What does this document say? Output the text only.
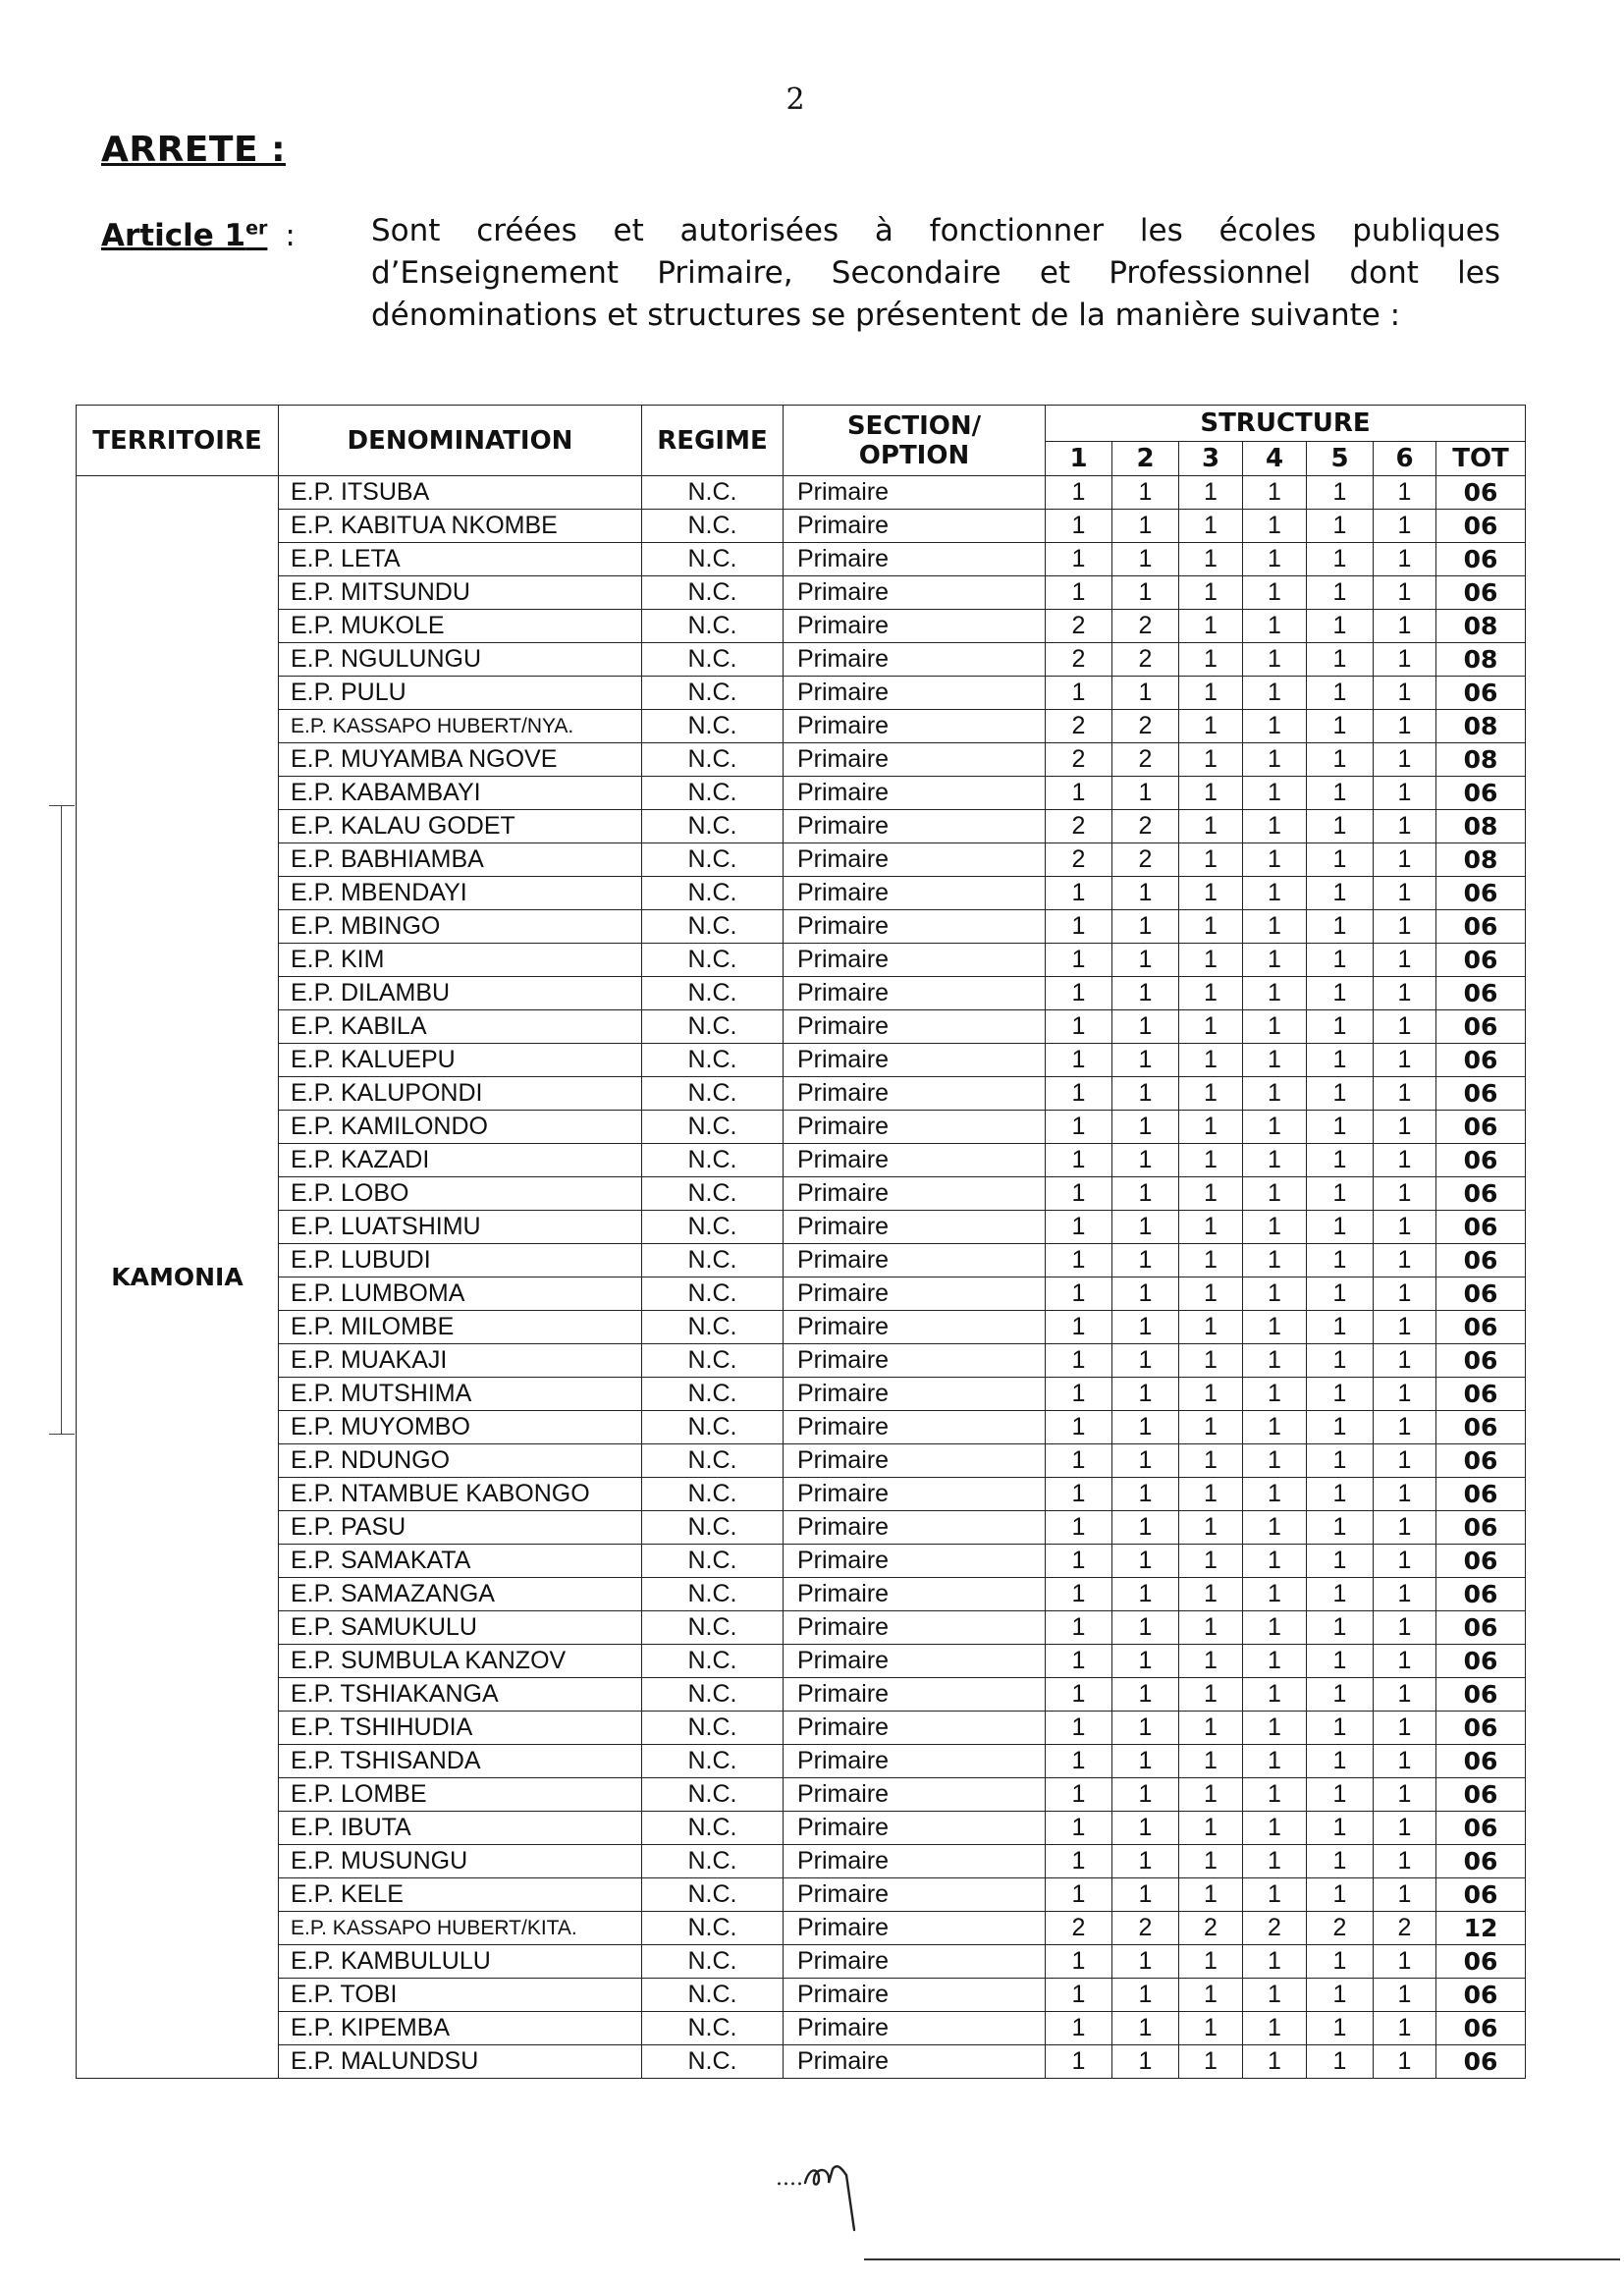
2
ARRETE :
Article 1er : Sont créées et autorisées à fonctionner les écoles publiques d’Enseignement Primaire, Secondaire et Professionnel dont les dénominations et structures se présentent de la manière suivante :
TERRITOIRE	DENOMINATION	REGIME	SECTION/
OPTION	STRUCTURE						
				1	2	3	4	5	6	TOT
KAMONIA	E.P. ITSUBA	N.C.	Primaire	1	1	1	1	1	1	06
	E.P. KABITUA NKOMBE	N.C.	Primaire	1	1	1	1	1	1	06
	E.P. LETA	N.C.	Primaire	1	1	1	1	1	1	06
	E.P. MITSUNDU	N.C.	Primaire	1	1	1	1	1	1	06
	E.P. MUKOLE	N.C.	Primaire	2	2	1	1	1	1	08
	E.P. NGULUNGU	N.C.	Primaire	2	2	1	1	1	1	08
	E.P. PULU	N.C.	Primaire	1	1	1	1	1	1	06
	E.P. KASSAPO HUBERT/NYA.	N.C.	Primaire	2	2	1	1	1	1	08
	E.P. MUYAMBA NGOVE	N.C.	Primaire	2	2	1	1	1	1	08
	E.P. KABAMBAYI	N.C.	Primaire	1	1	1	1	1	1	06
	E.P. KALAU GODET	N.C.	Primaire	2	2	1	1	1	1	08
	E.P. BABHIAMBA	N.C.	Primaire	2	2	1	1	1	1	08
	E.P. MBENDAYI	N.C.	Primaire	1	1	1	1	1	1	06
	E.P. MBINGO	N.C.	Primaire	1	1	1	1	1	1	06
	E.P. KIM	N.C.	Primaire	1	1	1	1	1	1	06
	E.P. DILAMBU	N.C.	Primaire	1	1	1	1	1	1	06
	E.P. KABILA	N.C.	Primaire	1	1	1	1	1	1	06
	E.P. KALUEPU	N.C.	Primaire	1	1	1	1	1	1	06
	E.P. KALUPONDI	N.C.	Primaire	1	1	1	1	1	1	06
	E.P. KAMILONDO	N.C.	Primaire	1	1	1	1	1	1	06
	E.P. KAZADI	N.C.	Primaire	1	1	1	1	1	1	06
	E.P. LOBO	N.C.	Primaire	1	1	1	1	1	1	06
	E.P. LUATSHIMU	N.C.	Primaire	1	1	1	1	1	1	06
	E.P. LUBUDI	N.C.	Primaire	1	1	1	1	1	1	06
	E.P. LUMBOMA	N.C.	Primaire	1	1	1	1	1	1	06
	E.P. MILOMBE	N.C.	Primaire	1	1	1	1	1	1	06
	E.P. MUAKAJI	N.C.	Primaire	1	1	1	1	1	1	06
	E.P. MUTSHIMA	N.C.	Primaire	1	1	1	1	1	1	06
	E.P. MUYOMBO	N.C.	Primaire	1	1	1	1	1	1	06
	E.P. NDUNGO	N.C.	Primaire	1	1	1	1	1	1	06
	E.P. NTAMBUE KABONGO	N.C.	Primaire	1	1	1	1	1	1	06
	E.P. PASU	N.C.	Primaire	1	1	1	1	1	1	06
	E.P. SAMAKATA	N.C.	Primaire	1	1	1	1	1	1	06
	E.P. SAMAZANGA	N.C.	Primaire	1	1	1	1	1	1	06
	E.P. SAMUKULU	N.C.	Primaire	1	1	1	1	1	1	06
	E.P. SUMBULA KANZOV	N.C.	Primaire	1	1	1	1	1	1	06
	E.P. TSHIAKANGA	N.C.	Primaire	1	1	1	1	1	1	06
	E.P. TSHIHUDIA	N.C.	Primaire	1	1	1	1	1	1	06
	E.P. TSHISANDA	N.C.	Primaire	1	1	1	1	1	1	06
	E.P. LOMBE	N.C.	Primaire	1	1	1	1	1	1	06
	E.P. IBUTA	N.C.	Primaire	1	1	1	1	1	1	06
	E.P. MUSUNGU	N.C.	Primaire	1	1	1	1	1	1	06
	E.P. KELE	N.C.	Primaire	1	1	1	1	1	1	06
	E.P. KASSAPO HUBERT/KITA.	N.C.	Primaire	2	2	2	2	2	2	12
	E.P. KAMBULULU	N.C.	Primaire	1	1	1	1	1	1	06
	E.P. TOBI	N.C.	Primaire	1	1	1	1	1	1	06
	E.P. KIPEMBA	N.C.	Primaire	1	1	1	1	1	1	06
	E.P. MALUNDSU	N.C.	Primaire	1	1	1	1	1	1	06
....
